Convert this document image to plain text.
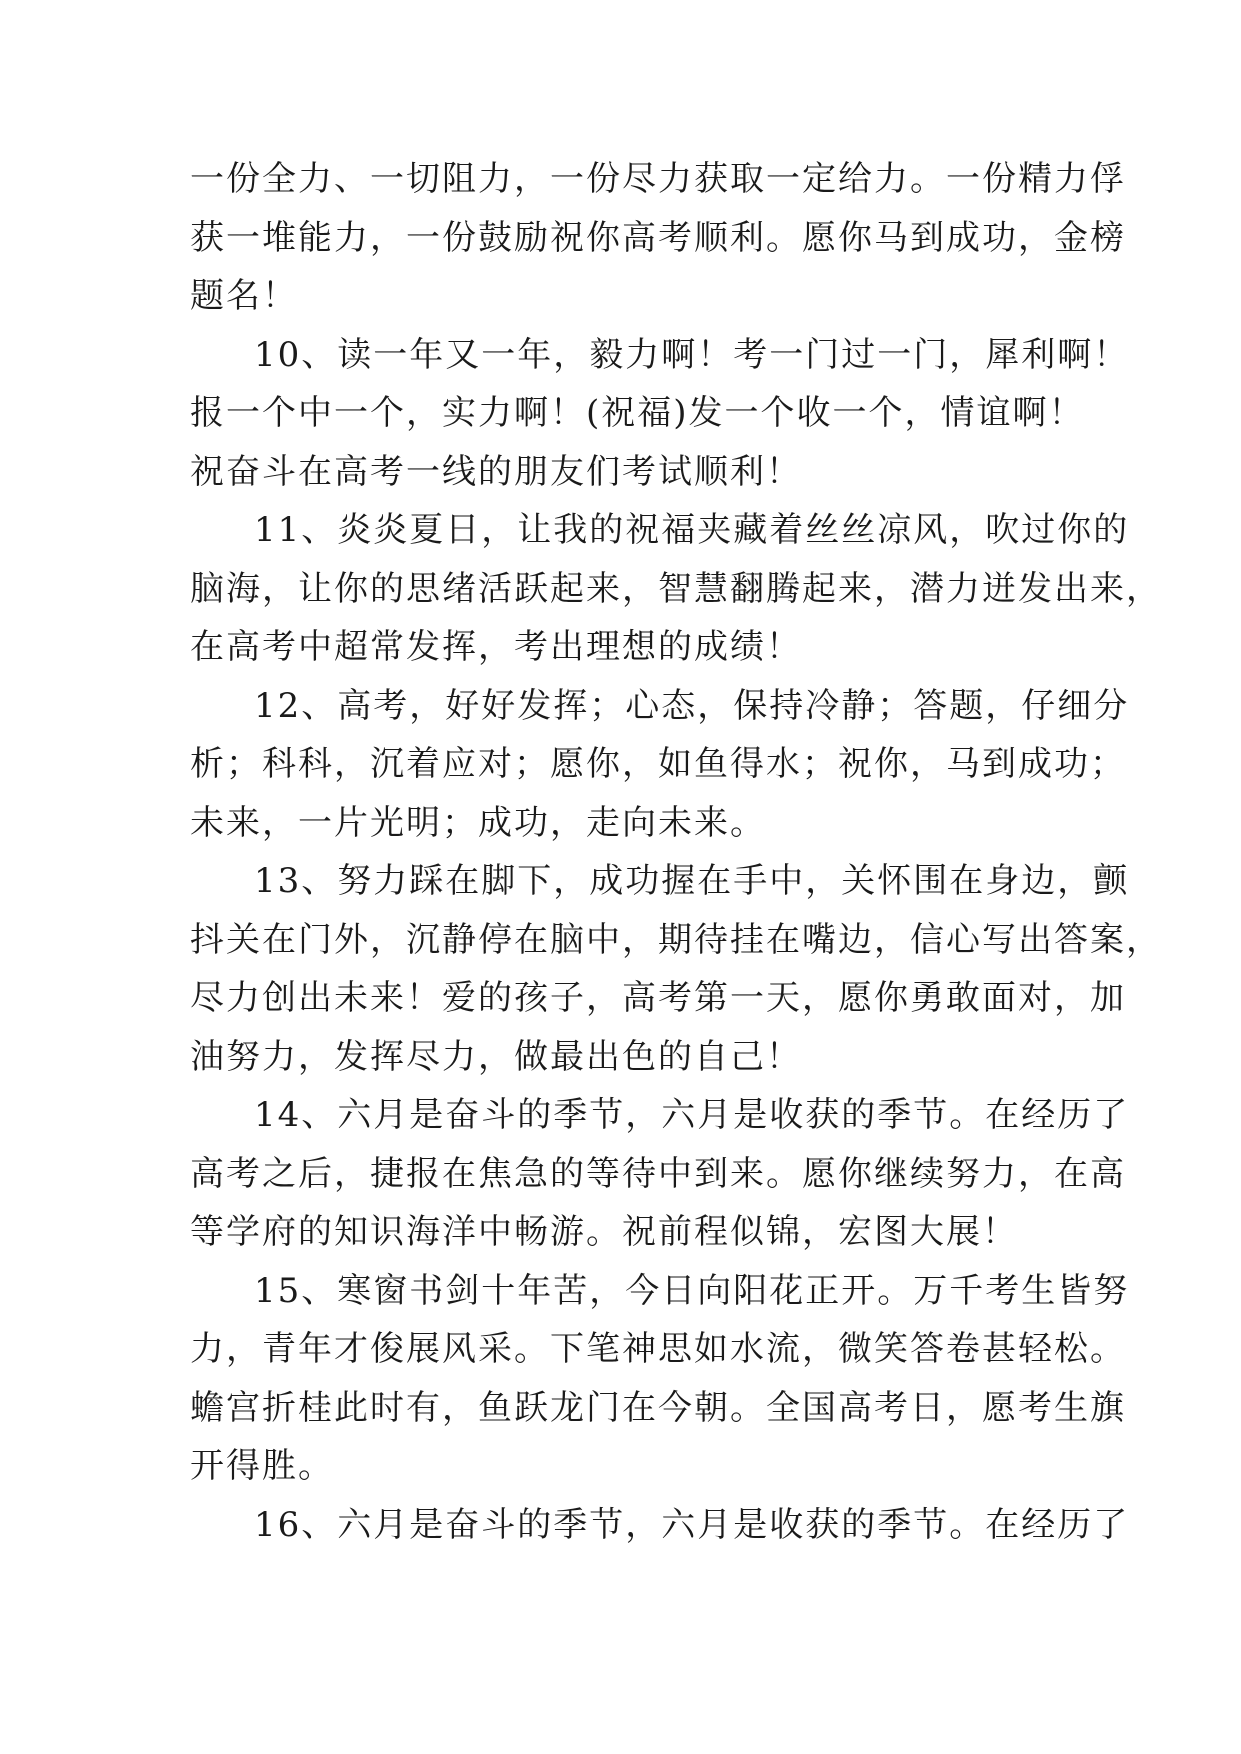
一份全力、一切阻力，一份尽力获取一定给力。一份精力俘
获一堆能力，一份鼓励祝你高考顺利。愿你马到成功，金榜
题名！
10、读一年又一年，毅力啊！考一门过一门，犀利啊！
报一个中一个，实力啊！(祝福)发一个收一个，情谊啊！
祝奋斗在高考一线的朋友们考试顺利！
11、炎炎夏日，让我的祝福夹藏着丝丝凉风，吹过你的
脑海，让你的思绪活跃起来，智慧翻腾起来，潜力迸发出来，
在高考中超常发挥，考出理想的成绩！
12、高考，好好发挥；心态，保持冷静；答题，仔细分
析；科科，沉着应对；愿你，如鱼得水；祝你，马到成功；
未来，一片光明；成功，走向未来。
13、努力踩在脚下，成功握在手中，关怀围在身边，颤
抖关在门外，沉静停在脑中，期待挂在嘴边，信心写出答案，
尽力创出未来！爱的孩子，高考第一天，愿你勇敢面对，加
油努力，发挥尽力，做最出色的自己！
14、六月是奋斗的季节，六月是收获的季节。在经历了
高考之后，捷报在焦急的等待中到来。愿你继续努力，在高
等学府的知识海洋中畅游。祝前程似锦，宏图大展！
15、寒窗书剑十年苦，今日向阳花正开。万千考生皆努
力，青年才俊展风采。下笔神思如水流，微笑答卷甚轻松。
蟾宫折桂此时有，鱼跃龙门在今朝。全国高考日，愿考生旗
开得胜。
16、六月是奋斗的季节，六月是收获的季节。在经历了
